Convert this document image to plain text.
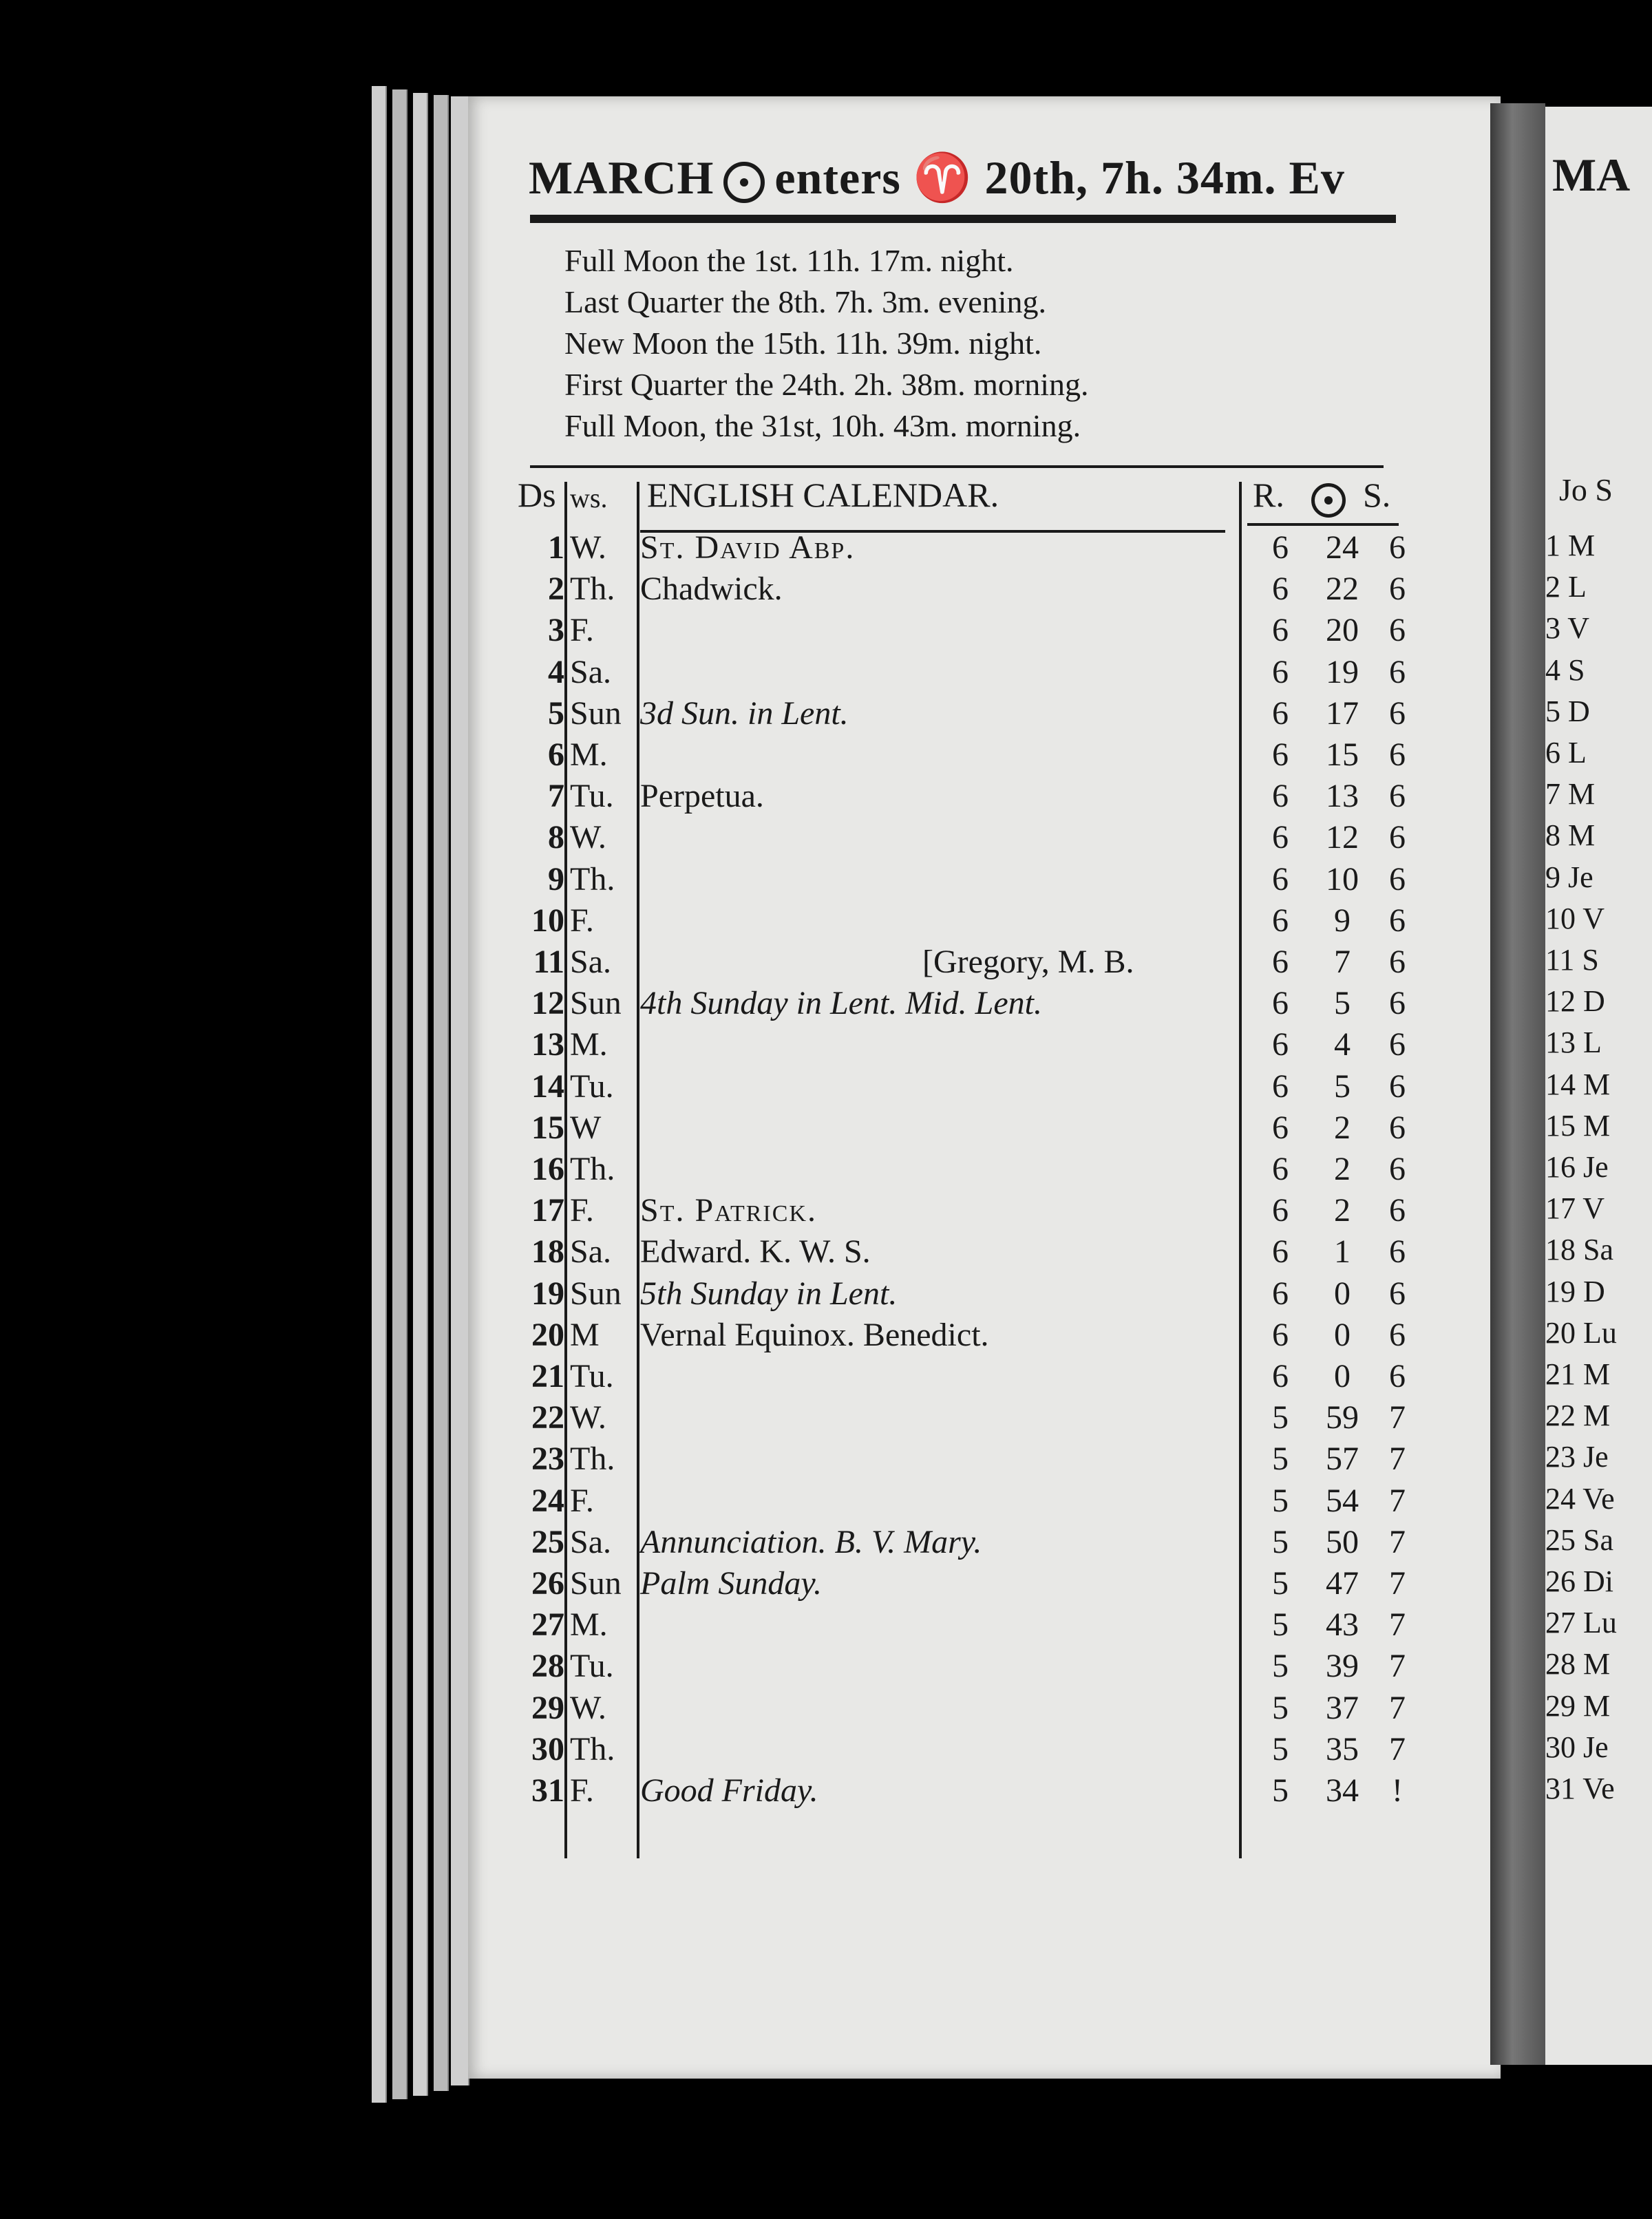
MA
Jo S
1 M
2 L
3 V
4 S
5 D
6 L
7 M
8 M
9 Je
10 V
11 S
12 D
13 L
14 M
15 M
16 Je
17 V
18 Sa
19 D
20 Lu
21 M
22 M
23 Je
24 Ve
25 Sa
26 Di
27 Lu
28 M
29 M
30 Je
31 Ve
MARCH enters ♈ 20th, 7h. 34m. Ev
Full Moon the 1st. 11h. 17m. night.
Last Quarter the 8th. 7h. 3m. evening.
New Moon the 15th. 11h. 39m. night.
First Quarter the 24th. 2h. 38m. morning.
Full Moon, the 31st, 10h. 43m. morning.
Ds ws. ENGLISH CALENDAR.	R. S.
1 W. St. David Abp.	6	24 6
2 Th. Chadwick.	6	22 6
3 F.	6	20 6
4 Sa.	6	19 6
5 Sun 3d Sun. in Lent.	6	17 6
6 M.	6	15 6
7 Tu. Perpetua.	6	13 6
8 W.	6	12 6
9 Th.	6	10 6
10 F.	6	9	6
11 Sa.	[Gregory, M. B.	6	7	6
12 Sun 4th Sunday in Lent. Mid. Lent.	6	5	6
13 M.	6	4	6
14 Tu.	6	5	6
15 W	6	2	6
16 Th.	6	2	6
17 F. St. Patrick.	6	2	6
18 Sa. Edward. K. W. S.	6	1	6
19 Sun 5th Sunday in Lent.	6	0	6
20 M Vernal Equinox. Benedict.	6	0	6
21 Tu.	6	0	6
22 W.	5	59 7
23 Th.	5	57 7
24 F.	5	54 7
25 Sa. Annunciation. B. V. Mary.	5	50 7
26 Sun Palm Sunday.	5	47 7
27 M.	5	43 7
28 Tu.	5	39 7
29 W.	5	37 7
30 Th.	5	35 7
31 F. Good Friday.	5	34	!
